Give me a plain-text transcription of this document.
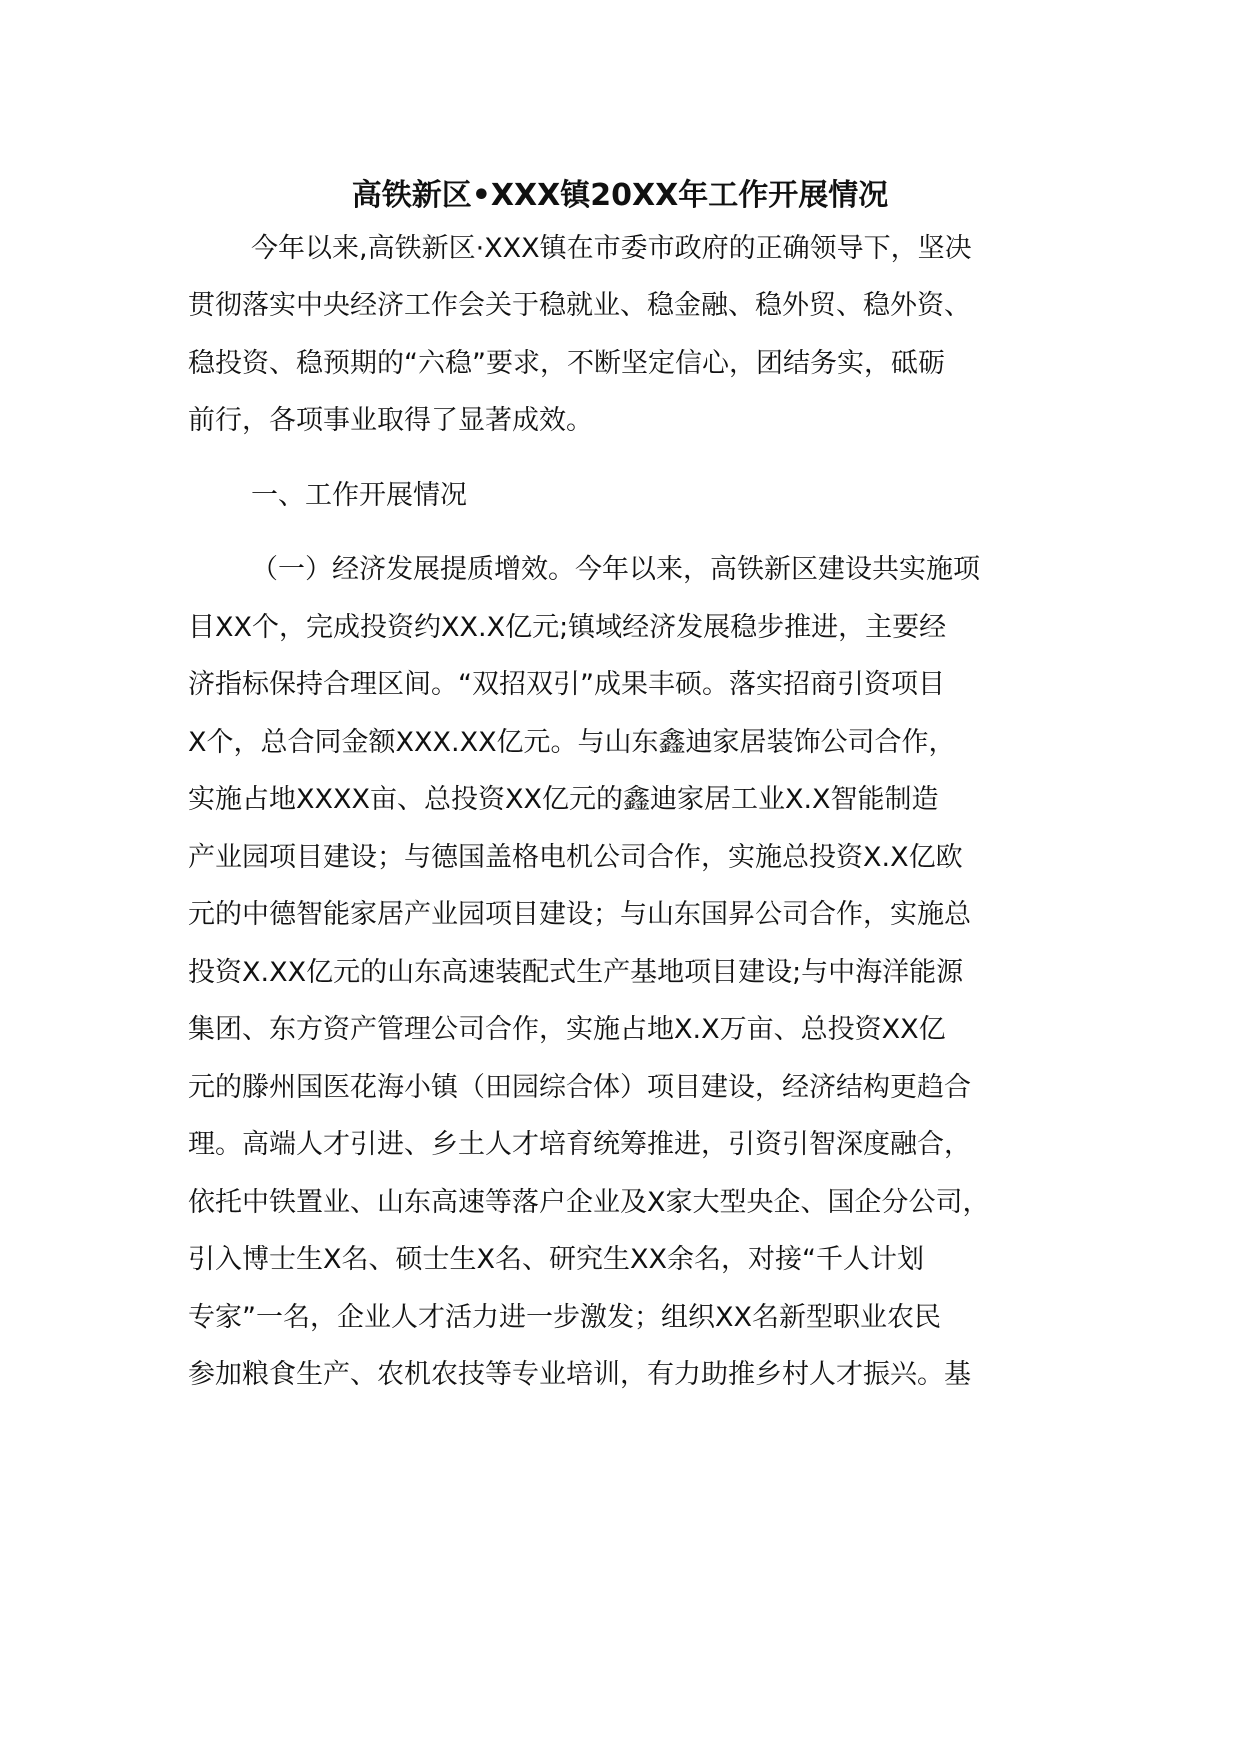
高铁新区•XXX镇20XX年工作开展情况

今年以来,高铁新区·XXX镇在市委市政府的正确领导下，坚决

贯彻落实中央经济工作会关于稳就业、稳金融、稳外贸、稳外资、

稳投资、稳预期的“六稳”要求，不断坚定信心，团结务实，砥砺

前行，各项事业取得了显著成效。

一、工作开展情况

（一）经济发展提质增效。今年以来，高铁新区建设共实施项

目XX个，完成投资约XX.X亿元;镇域经济发展稳步推进，主要经

济指标保持合理区间。“双招双引”成果丰硕。落实招商引资项目

X个，总合同金额XXX.XX亿元。与山东鑫迪家居装饰公司合作，

实施占地XXXX亩、总投资XX亿元的鑫迪家居工业X.X智能制造

产业园项目建设；与德国盖格电机公司合作，实施总投资X.X亿欧

元的中德智能家居产业园项目建设；与山东国昇公司合作，实施总

投资X.XX亿元的山东高速装配式生产基地项目建设;与中海洋能源

集团、东方资产管理公司合作，实施占地X.X万亩、总投资XX亿

元的滕州国医花海小镇（田园综合体）项目建设，经济结构更趋合

理。高端人才引进、乡土人才培育统筹推进，引资引智深度融合，

依托中铁置业、山东高速等落户企业及X家大型央企、国企分公司，

引入博士生X名、硕士生X名、研究生XX余名，对接“千人计划

专家”一名，企业人才活力进一步激发；组织XX名新型职业农民

参加粮食生产、农机农技等专业培训，有力助推乡村人才振兴。基
